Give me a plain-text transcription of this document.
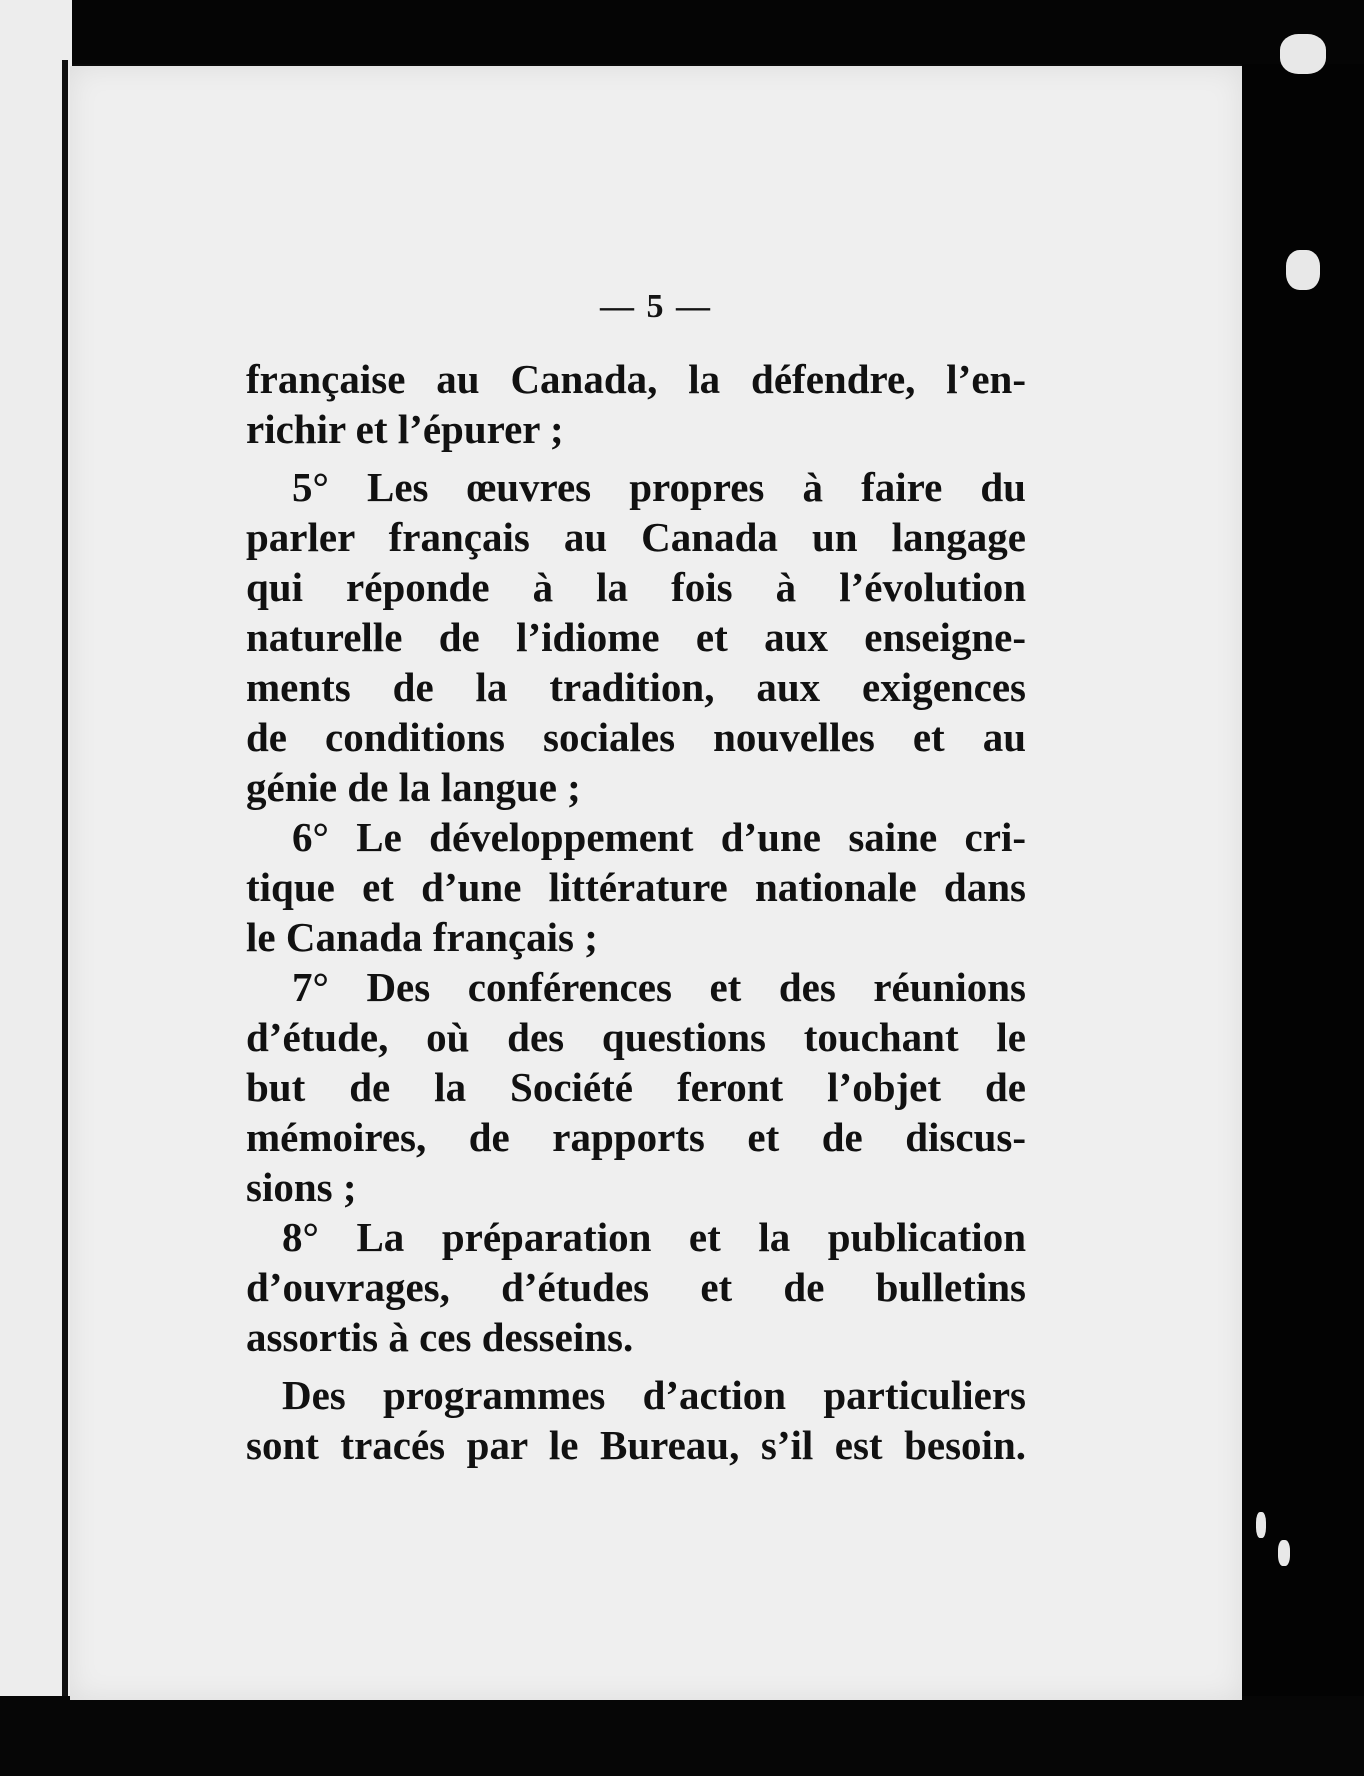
— 5 —
française au Canada, la défendre, l’en-
richir et l’épurer ;
5° Les œuvres propres à faire du
parler français au Canada un langage
qui réponde à la fois à l’évolution
naturelle de l’idiome et aux enseigne-
ments de la tradition, aux exigences
de conditions sociales nouvelles et au
génie de la langue ;
6° Le développement d’une saine cri-
tique et d’une littérature nationale dans
le Canada français ;
7° Des conférences et des réunions
d’étude, où des questions touchant le
but de la Société feront l’objet de
mémoires, de rapports et de discus-
sions ;
8° La préparation et la publication
d’ouvrages, d’études et de bulletins
assortis à ces desseins.
Des programmes d’action particuliers
sont tracés par le Bureau, s’il est besoin.
